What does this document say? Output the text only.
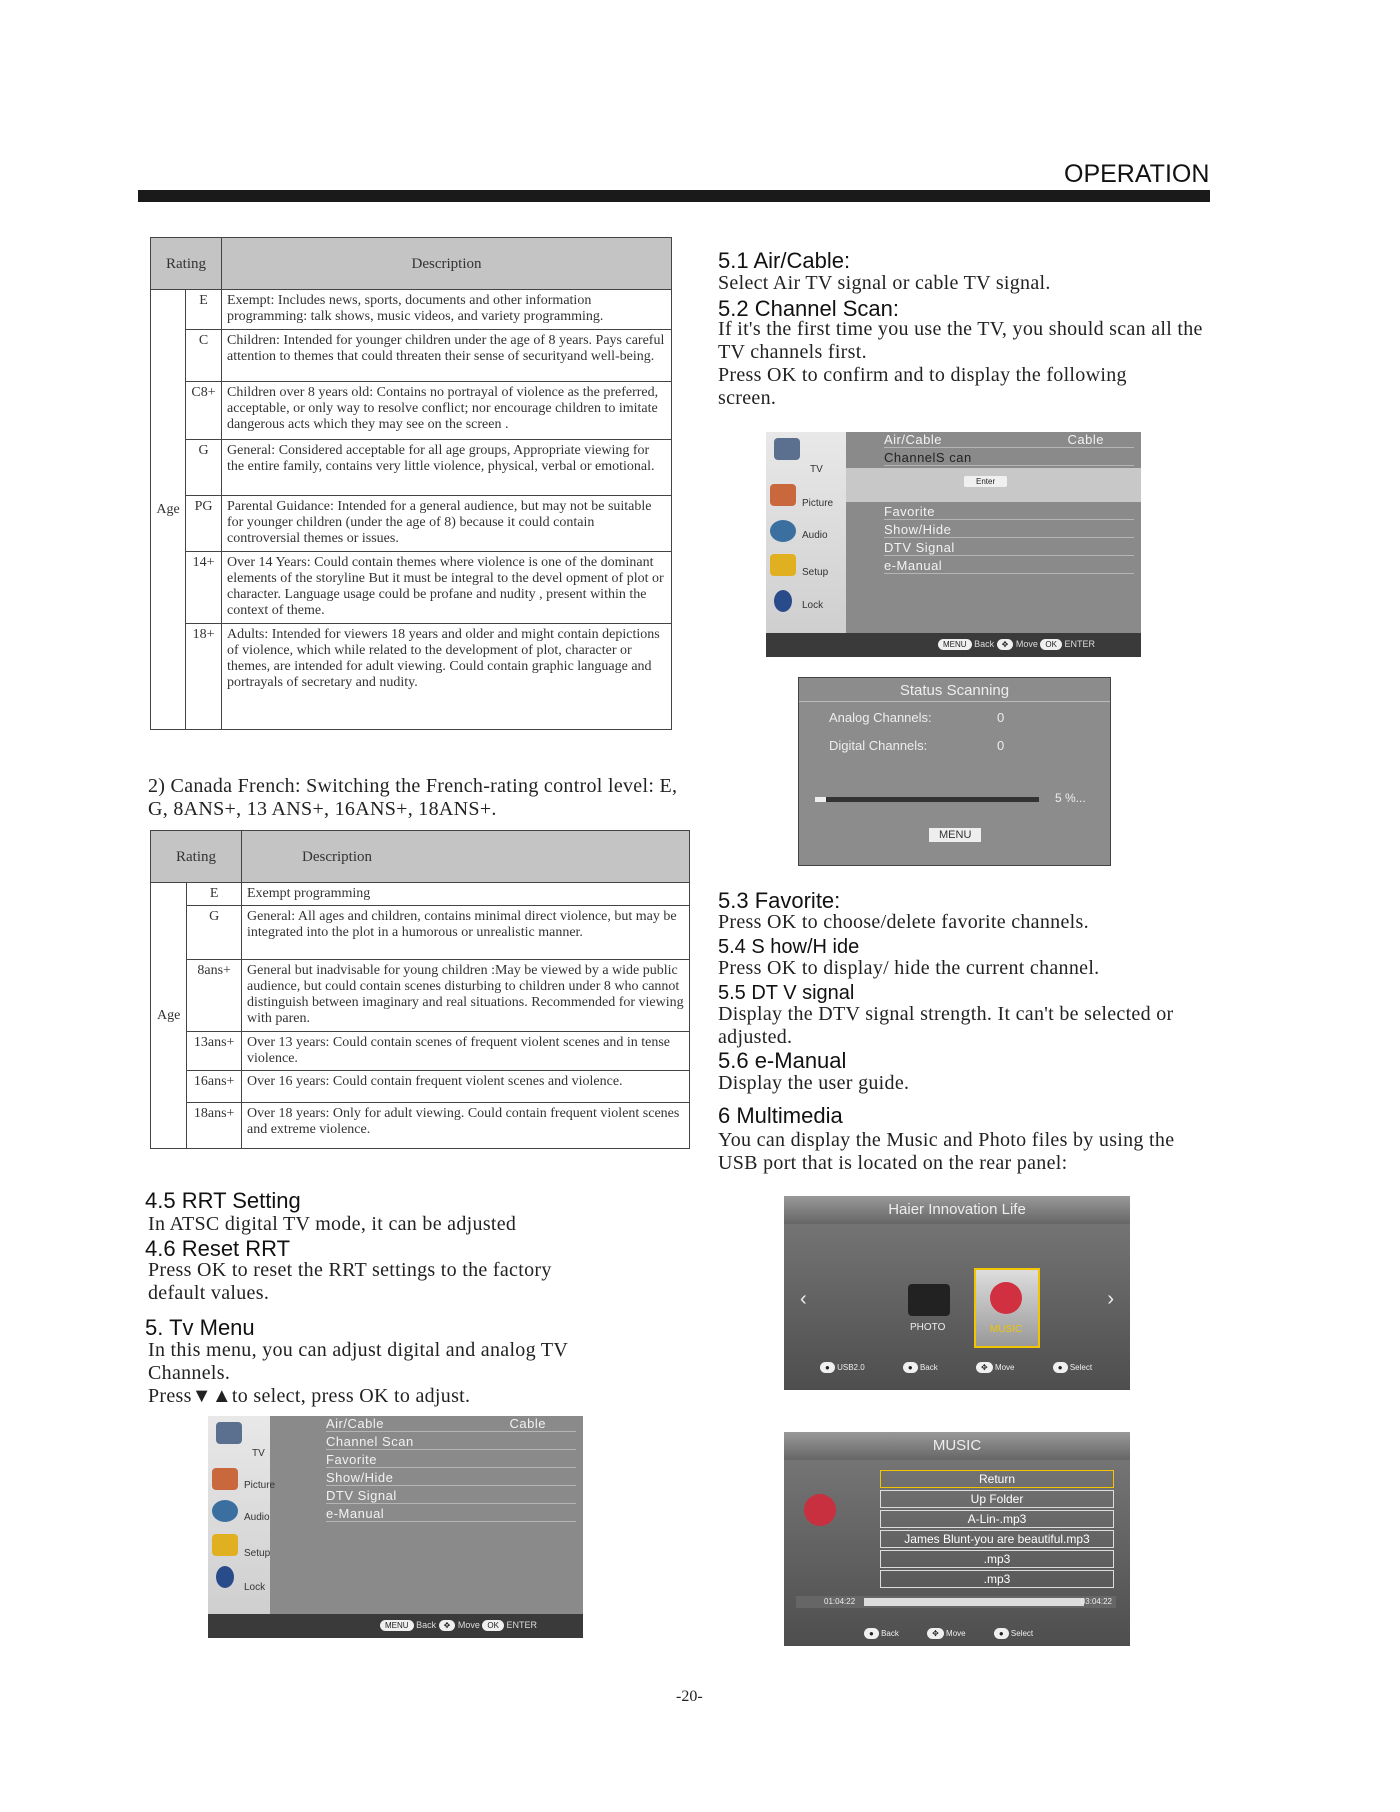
OPERATION
Rating		Description
Age	E	Exempt: Includes news, sports, documents and other information programming: talk shows, music videos, and variety programming.
	C	Children: Intended for younger children under the age of 8 years. Pays careful attention to themes that could threaten their sense of securityand well-being.
	C8+	Children over 8 years old: Contains no portrayal of violence as the preferred, acceptable, or only way to resolve conflict; nor encourage children to imitate dangerous acts which they may see on the screen .
	G	General: Considered acceptable for all age groups, Appropriate viewing for the entire family, contains very little violence, physical, verbal or emotional.
	PG	Parental Guidance: Intended for a general audience, but may not be suitable for younger children (under the age of 8) because it could contain controversial themes or issues.
	14+	Over 14 Years: Could contain themes where violence is one of the dominant elements of the storyline But it must be integral to the devel opment of plot or character. Language usage could be profane and nudity , present within the context of theme.
	18+	Adults: Intended for viewers 18 years and older and might contain depictions of violence, which while related to the development of plot, character or themes, are intended for adult viewing. Could contain graphic language and portrayals of secretary and nudity.
2) Canada French: Switching the French-rating control level: E, G, 8ANS+, 13 ANS+, 16ANS+, 18ANS+.
Rating		Description
Age	E	Exempt programming
	G	General: All ages and children, contains minimal direct violence, but may be integrated into the plot in a humorous or unrealistic manner.
	8ans+	General but inadvisable for young children :May be viewed by a wide public audience, but could contain scenes disturbing to children under 8 who cannot distinguish between imaginary and real situations. Recommended for viewing with paren.
	13ans+	Over 13 years: Could contain scenes of frequent violent scenes and in tense violence.
	16ans+	Over 16 years: Could contain frequent violent scenes and violence.
	18ans+	Over 18 years: Only for adult viewing. Could contain frequent violent scenes and extreme violence.
4.5 RRT Setting
In ATSC digital TV mode, it can be adjusted
4.6 Reset RRT
Press OK to reset the RRT settings to the factory default values.
5. Tv Menu
In this menu, you can adjust digital and analog TV Channels.
Press▼▲to select, press OK to adjust.
TV
Picture
Audio
Setup
Lock
Air/Cable	Cable
Channel Scan
Favorite
Show/Hide
DTV Signal
e-Manual
MENU Back ✥ Move OK ENTER
5.1 Air/Cable:
Select Air TV signal or cable TV signal.
5.2 Channel Scan:
If it's the first time you use the TV, you should scan all the TV channels first.
Press OK to confirm and to display the following screen.
TV
Picture
Audio
Setup
Lock
Air/Cable	Cable
Enter
ChannelS can
Favorite
Show/Hide
DTV Signal
e-Manual
MENU Back ✥ Move OK ENTER
Status Scanning
Analog Channels:	0
Digital Channels:	0
5 %...
MENU
5.3 Favorite:
Press OK to choose/delete favorite channels.
5.4 S how/H ide
Press OK to display/ hide the current channel.
5.5 DT V signal
Display the DTV signal strength. It can't be selected or adjusted.
5.6 e-Manual
Display the user guide.
6 Multimedia
You can display the Music and Photo files by using the USB port that is located on the rear panel:
Haier Innovation Life
‹	›
PHOTO	MUSIC
● USB2.0	● Back	✥ Move	● Select
MUSIC
01:04:22	03:04:22
● Back	✥ Move	● Select
Return
Up Folder
A-Lin-.mp3
James Blunt-you are beautiful.mp3
.mp3
.mp3
-20-
